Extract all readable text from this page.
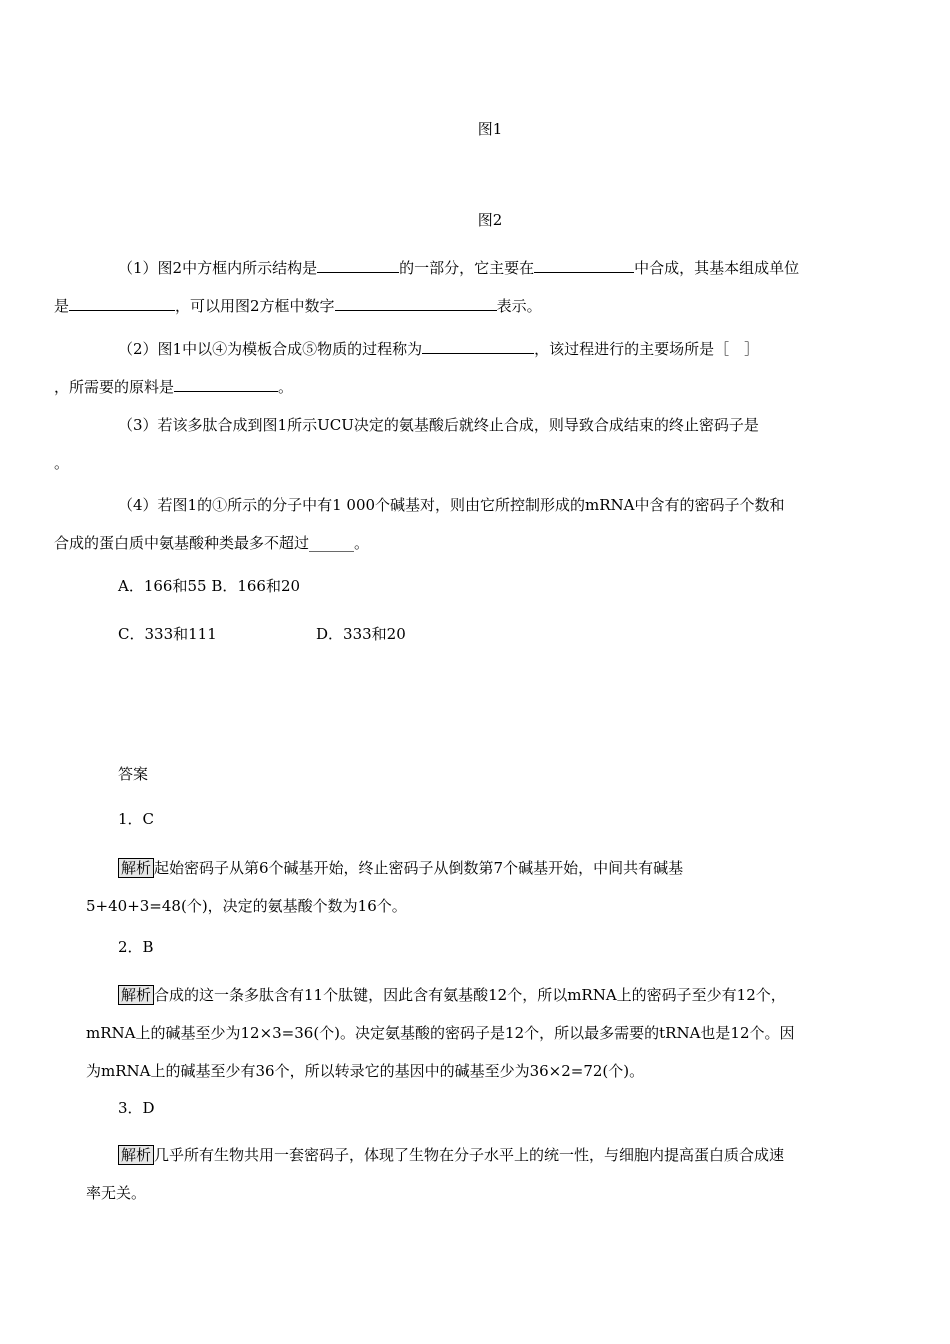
图1
图2
（1）图2中方框内所示结构是	的一部分，它主要在	中合成，其基本组成单位
是	，可以用图2方框中数字	表示。
（2）图1中以④为模板合成⑤物质的过程称为	，该过程进行的主要场所是［　］
，所需要的原料是	。
（3）若该多肽合成到图1所示UCU决定的氨基酸后就终止合成，则导致合成结束的终止密码子是
。
（4）若图1的①所示的分子中有1 000个碱基对，则由它所控制形成的mRNA中含有的密码子个数和
合成的蛋白质中氨基酸种类最多不超过______。
A．166和55 B．166和20
C．333和111	D．333和20
答案
1．C
解析 起始密码子从第6个碱基开始，终止密码子从倒数第7个碱基开始，中间共有碱基
5+40+3=48(个)，决定的氨基酸个数为16个。
2．B
解析 合成的这一条多肽含有11个肽键，因此含有氨基酸12个，所以mRNA上的密码子至少有12个，
mRNA上的碱基至少为12×3=36(个)。决定氨基酸的密码子是12个，所以最多需要的tRNA也是12个。因
为mRNA上的碱基至少有36个，所以转录它的基因中的碱基至少为36×2=72(个)。
3．D
解析 几乎所有生物共用一套密码子，体现了生物在分子水平上的统一性，与细胞内提高蛋白质合成速
率无关。
